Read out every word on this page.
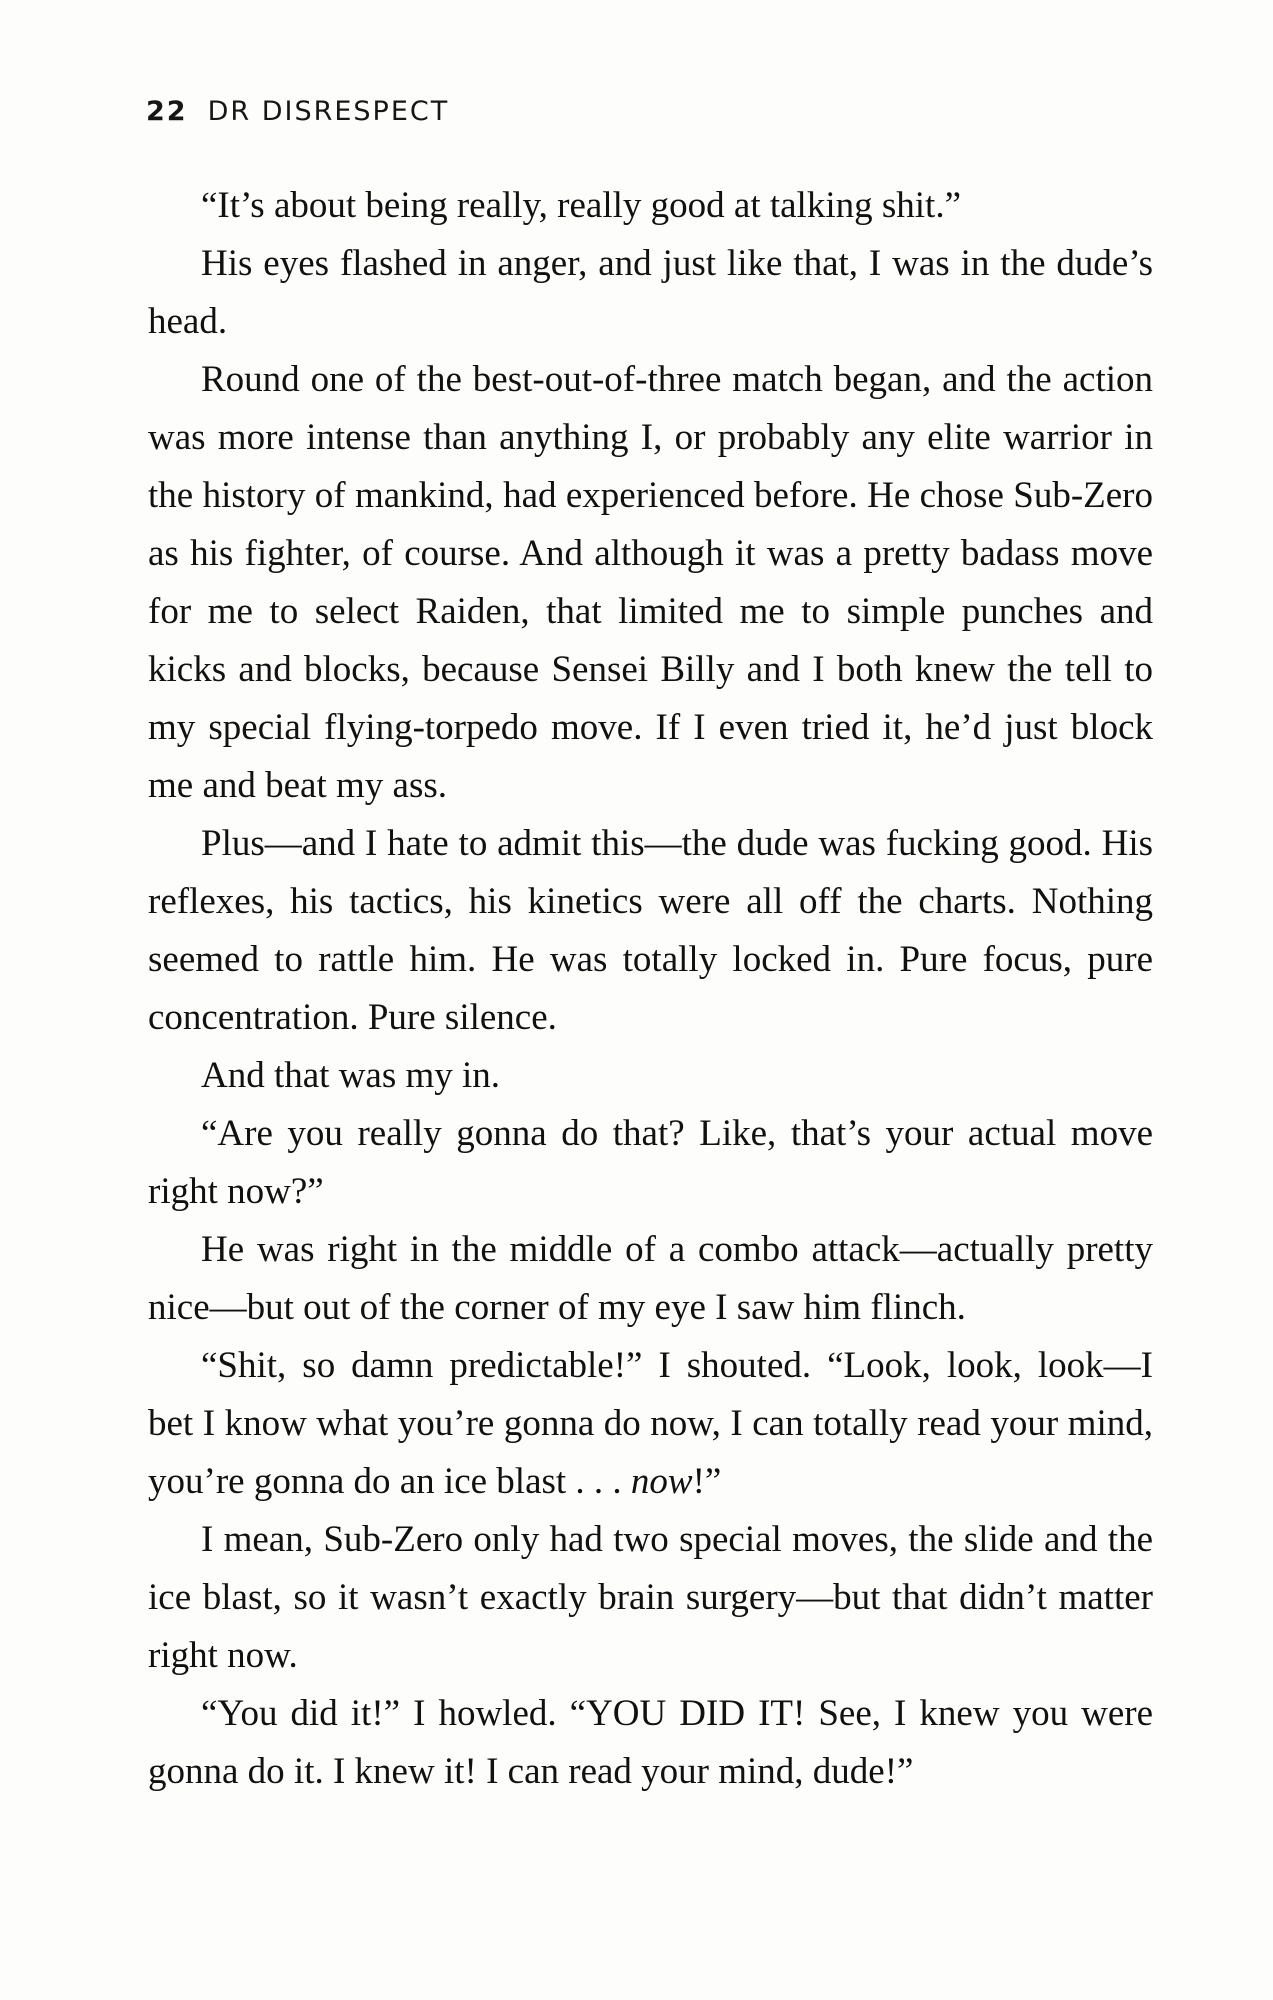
22 DR DISRESPECT

“It’s about being really, really good at talking shit.”

His eyes flashed in anger, and just like that, I was in the dude’s head.

Round one of the best-out-of-three match began, and the action was more intense than anything I, or probably any elite warrior in the history of mankind, had experienced before. He chose Sub-Zero as his fighter, of course. And although it was a pretty badass move for me to select Raiden, that limited me to simple punches and kicks and blocks, because Sensei Billy and I both knew the tell to my special flying-torpedo move. If I even tried it, he’d just block me and beat my ass.

Plus—and I hate to admit this—the dude was fucking good. His reflexes, his tactics, his kinetics were all off the charts. Nothing seemed to rattle him. He was totally locked in. Pure focus, pure concentration. Pure silence.

And that was my in.

“Are you really gonna do that? Like, that’s your actual move right now?”

He was right in the middle of a combo attack—actually pretty nice—but out of the corner of my eye I saw him flinch.

“Shit, so damn predictable!” I shouted. “Look, look, look—I bet I know what you’re gonna do now, I can totally read your mind, you’re gonna do an ice blast . . . now!”

I mean, Sub-Zero only had two special moves, the slide and the ice blast, so it wasn’t exactly brain surgery—but that didn’t matter right now.

“You did it!” I howled. “YOU DID IT! See, I knew you were gonna do it. I knew it! I can read your mind, dude!”
